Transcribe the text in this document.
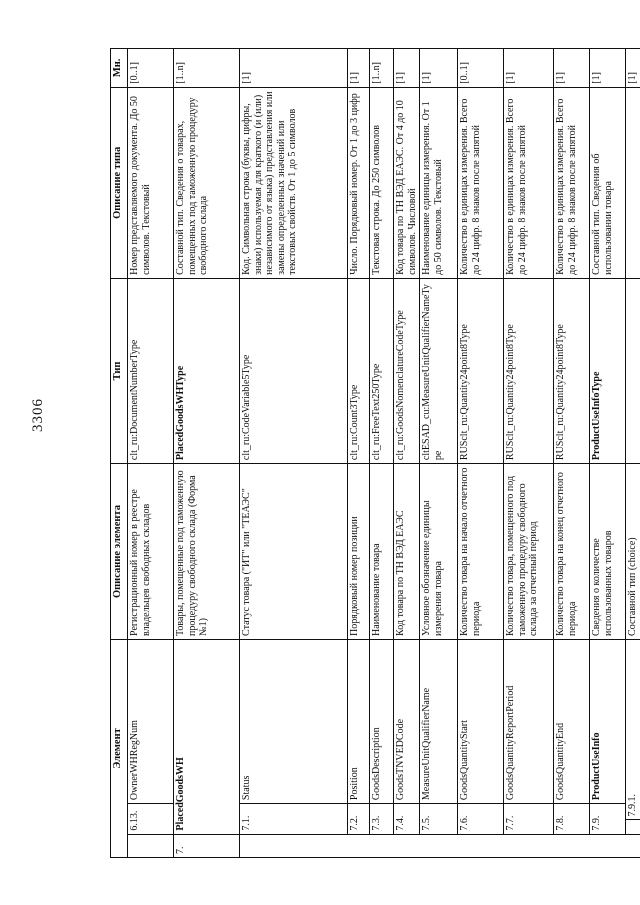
3306
Элемент				Описание элемента	Тип	Описание типа	Мн.
	6.13.		OwnerWHRegNum	Регистрационный номер в реестре владельцев свободных складов	clt_ru:DocumentNumberType	Номер представляемого документа. До 50 символов. Текстовый	[0..1]
7.	PlacedGoodsWH			Товары, помещенные под таможенную процедуру свободного склада (Форма №1)	PlacedGoodsWHType	Составной тип. Сведения о товарах, помещенных под таможенную процедуру свободного склада	[1..n]
	7.1.		Status	Статус товара ("ИТ" или "ТЕАЭС"	clt_ru:CodeVariable5Type	Код. Символьная строка (буквы, цифры, знаки) используемая для краткого (и (или) независимого от языка) представления или замены определенных значений или текстовых свойств. От 1 до 5 символов	[1]
	7.2.		Position	Порядковый номер позиции	clt_ru:Count3Type	Число. Порядковый номер. От 1 до 3 цифр	[1]
	7.3.		GoodsDescription	Наименование товара	clt_ru:FreeText250Type	Текстовая строка. До 250 символов	[1..n]
	7.4.		GoodsTNVEDCode	Код товара по ТН ВЭД ЕАЭС	clt_ru:GoodsNomenclatureCodeType	Код товара по ТН ВЭД ЕАЭС. От 4 до 10 символов. Числовой	[1]
	7.5.		MeasureUnitQualifierName	Условное обозначение единицы измерения товара	cltESAD_cu:MeasureUnitQualifierNameType	Наименование единицы измерения. От 1 до 50 символов. Текстовый	[1]
	7.6.		GoodsQuantityStart	Количество товара на начало отчетного периода	RUSclt_ru:Quantity24point8Type	Количество в единицах измерения. Всего до 24 цифр. 8 знаков после запятой	[0..1]
	7.7.		GoodsQuantityReportPeriod	Количество товара, помещенного под таможенную процедуру свободного склада за отчетный период	RUSclt_ru:Quantity24point8Type	Количество в единицах измерения. Всего до 24 цифр. 8 знаков после запятой	[1]
	7.8.		GoodsQuantityEnd	Количество товара на конец отчетного периода	RUSclt_ru:Quantity24point8Type	Количество в единицах измерения. Всего до 24 цифр. 8 знаков после запятой	[1]
	7.9.		ProductUseInfo	Сведения о количестве использованных товаров	ProductUseInfoType	Составной тип. Сведения об использовании товара	[1]
		7.9.1.		Составной тип (choice)			[1]
